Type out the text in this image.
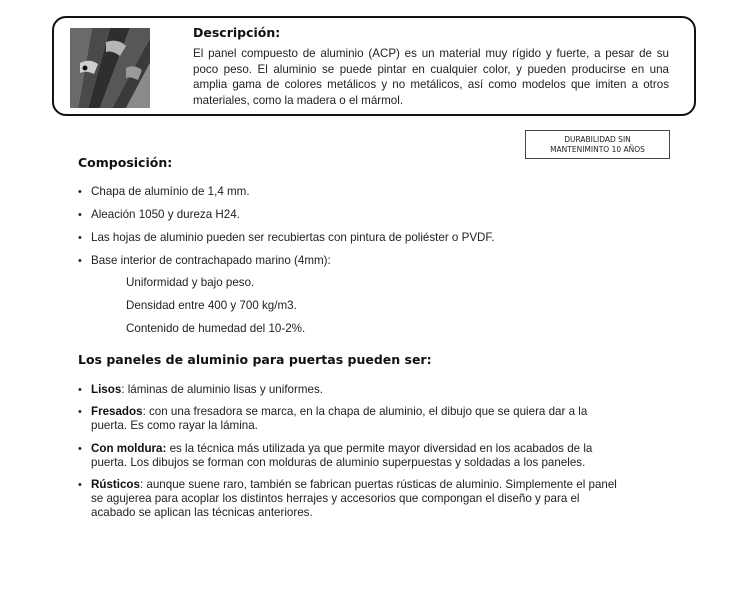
Descripción:
El panel compuesto de aluminio (ACP) es un material muy rígido y fuerte, a pesar de su poco peso. El aluminio se puede pintar en cualquier color, y pueden producirse en una amplia gama de colores metálicos y no metálicos, así como modelos que imiten a otros materiales, como la madera o el mármol.
DURABILIDAD SIN
MANTENIMINTO 10 AÑOS
Composición:
• Chapa de alumínio de 1,4 mm.
• Aleación 1050 y dureza H24.
• Las hojas de aluminio pueden ser recubiertas con pintura de poliéster o PVDF.
• Base interior de contrachapado marino (4mm):
Uniformidad y bajo peso.
Densidad entre 400 y 700 kg/m3.
Contenido de humedad del 10-2%.
Los paneles de aluminio para puertas pueden ser:
• Lisos: láminas de aluminio lisas y uniformes.
• Fresados: con una fresadora se marca, en la chapa de aluminio, el dibujo que se quiera dar a la puerta. Es como rayar la lámina.
• Con moldura: es la técnica más utilizada ya que permite mayor diversidad en los acabados de la puerta. Los dibujos se forman con molduras de aluminio superpuestas y soldadas a los paneles.
• Rústicos: aunque suene raro, también se fabrican puertas rústicas de aluminio. Simplemente el panel se agujerea para acoplar los distintos herrajes y accesorios que compongan el diseño y para el acabado se aplican las técnicas anteriores.
